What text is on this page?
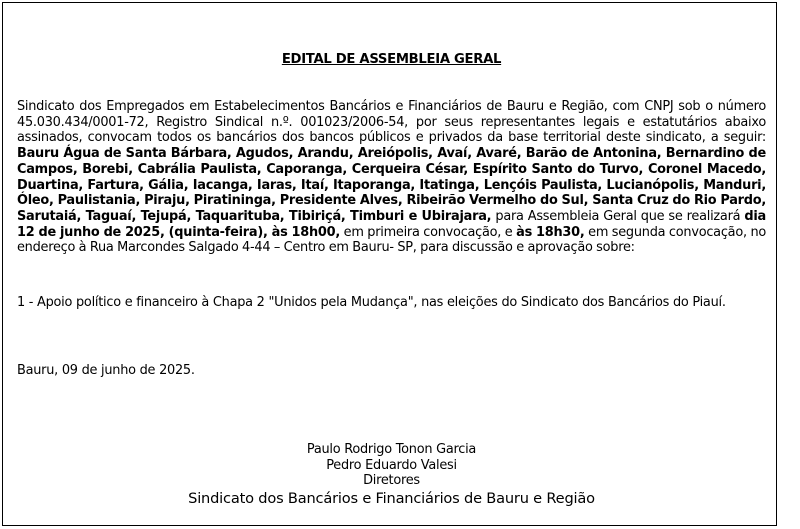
EDITAL DE ASSEMBLEIA GERAL
Sindicato dos Empregados em Estabelecimentos Bancários e Financiários de Bauru e Região, com CNPJ sob o número 45.030.434/0001-72, Registro Sindical n.º. 001023/2006-54, por seus representantes legais e estatutários abaixo assinados, convocam todos os bancários dos bancos públicos e privados da base territorial deste sindicato, a seguir: Bauru Água de Santa Bárbara, Agudos, Arandu, Areiópolis, Avaí, Avaré, Barão de Antonina, Bernardino de Campos, Borebi, Cabrália Paulista, Caporanga, Cerqueira César, Espírito Santo do Turvo, Coronel Macedo, Duartina, Fartura, Gália, Iacanga, Iaras, Itaí, Itaporanga, Itatinga, Lençóis Paulista, Lucianópolis, Manduri, Óleo, Paulistania, Piraju, Piratininga, Presidente Alves, Ribeirão Vermelho do Sul, Santa Cruz do Rio Pardo, Sarutaiá, Taguaí, Tejupá, Taquarituba, Tibiriçá, Timburi e Ubirajara, para Assembleia Geral que se realizará dia 12 de junho de 2025, (quinta-feira), às 18h00, em primeira convocação, e às 18h30, em segunda convocação, no endereço à Rua Marcondes Salgado 4-44 – Centro em Bauru- SP, para discussão e aprovação sobre:
1 - Apoio político e financeiro à Chapa 2 "Unidos pela Mudança", nas eleições do Sindicato dos Bancários do Piauí.
Bauru, 09 de junho de 2025.
Paulo Rodrigo Tonon Garcia
Pedro Eduardo Valesi
Diretores
Sindicato dos Bancários e Financiários de Bauru e Região
